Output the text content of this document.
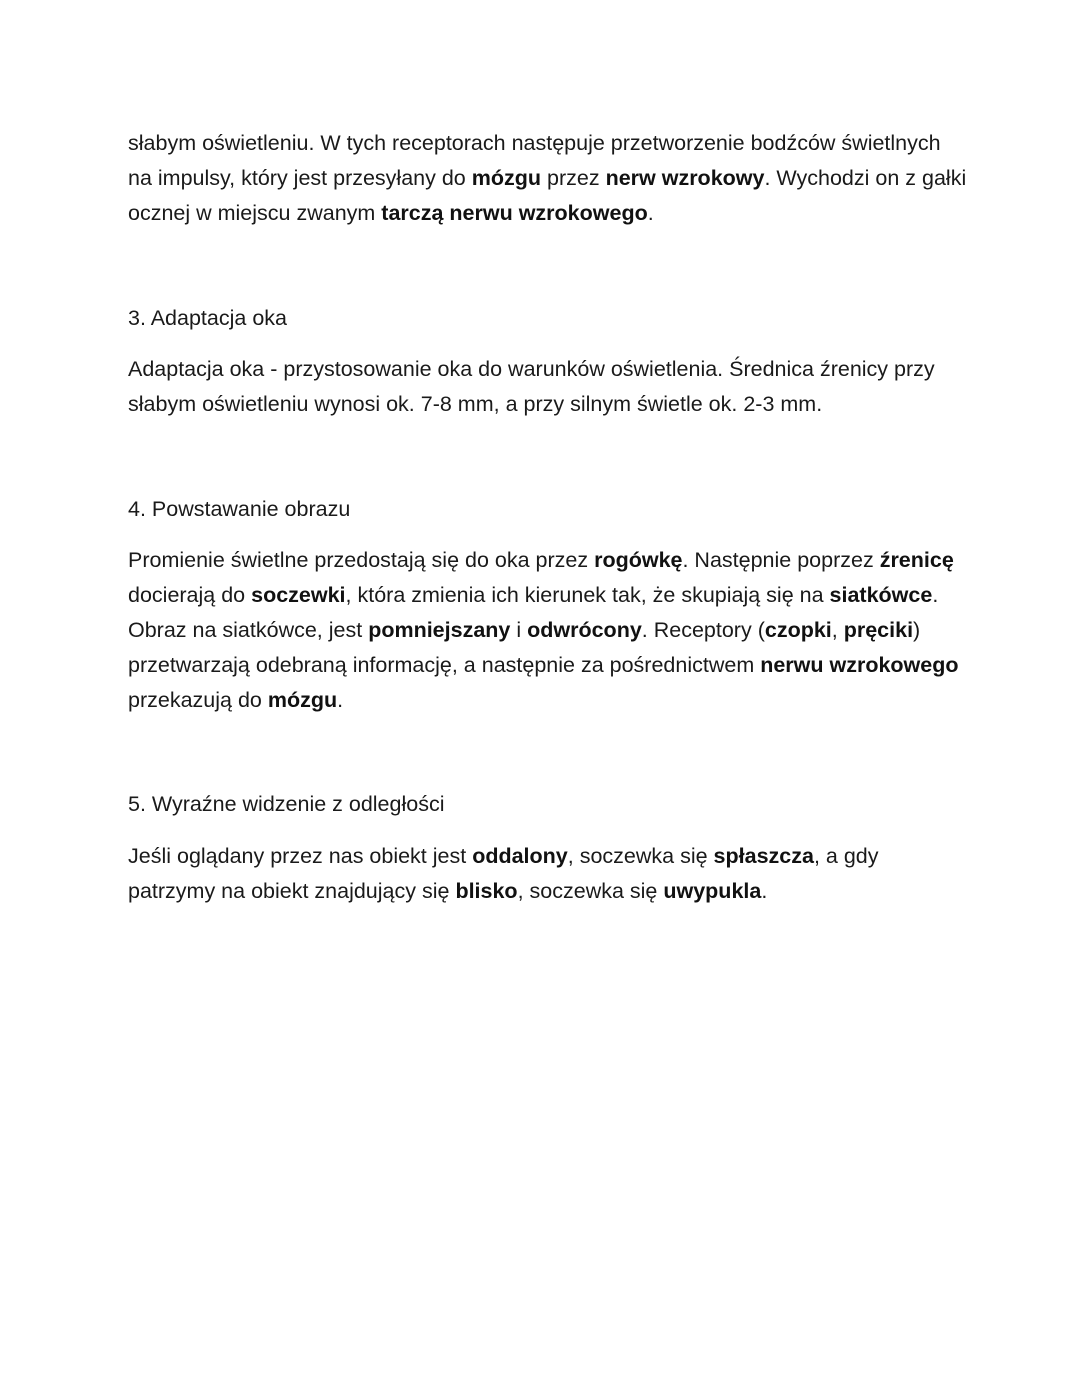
słabym oświetleniu. W tych receptorach następuje przetworzenie bodźców świetlnych na impulsy, który jest przesyłany do mózgu przez nerw wzrokowy. Wychodzi on z gałki ocznej w miejscu zwanym tarczą nerwu wzrokowego.

3. Adaptacja oka

Adaptacja oka - przystosowanie oka do warunków oświetlenia. Średnica źrenicy przy słabym oświetleniu wynosi ok. 7-8 mm, a przy silnym świetle ok. 2-3 mm.

4. Powstawanie obrazu

Promienie świetlne przedostają się do oka przez rogówkę. Następnie poprzez źrenicę docierają do soczewki, która zmienia ich kierunek tak, że skupiają się na siatkówce. Obraz na siatkówce, jest pomniejszany i odwrócony. Receptory (czopki, pręciki) przetwarzają odebraną informację, a następnie za pośrednictwem nerwu wzrokowego przekazują do mózgu.

5. Wyraźne widzenie z odległości

Jeśli oglądany przez nas obiekt jest oddalony, soczewka się spłaszcza, a gdy patrzymy na obiekt znajdujący się blisko, soczewka się uwypukla.
